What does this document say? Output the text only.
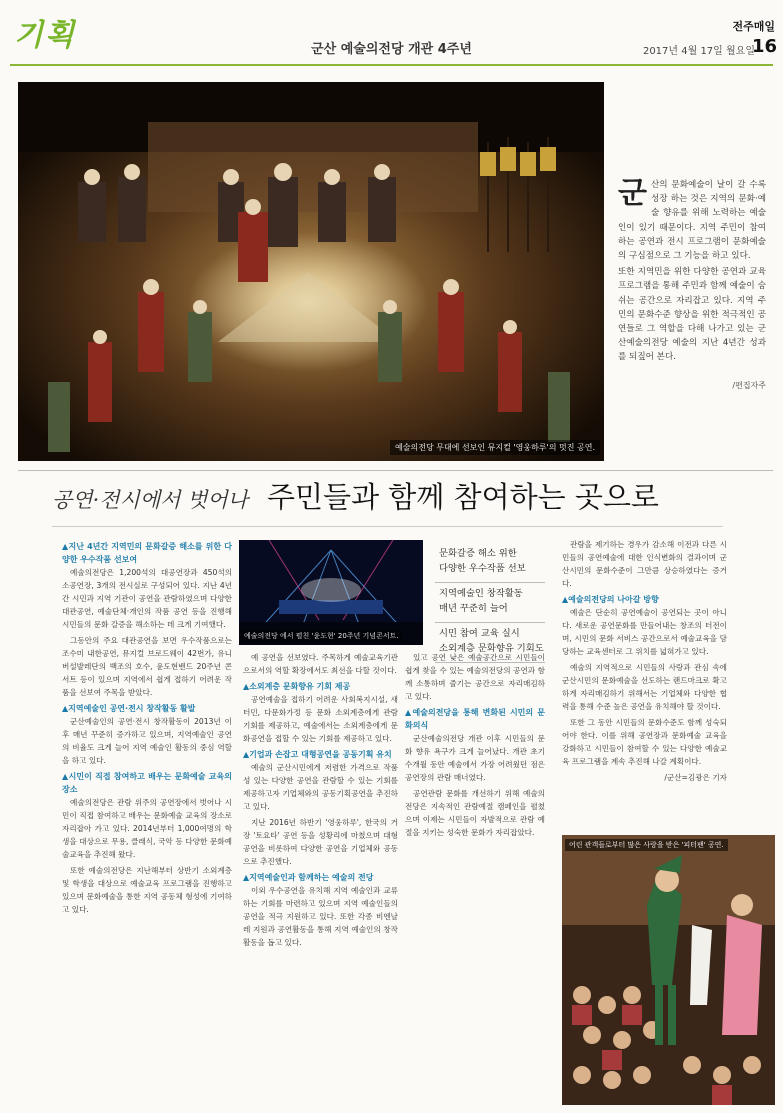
기획	군산 예술의전당 개관 4주년
전주매일
2017년 4월 17일 월요일
16
예술의전당 무대에 선보인 뮤지컬 '영웅하루'의 멋진 공연.
군 산의 문화예술이 날이 갈 수록 성장 하는 것은 지역의 문화·예술 향유를 위해 노력하는 예술인이 있기 때문이다. 지역 주민이 참여하는 공연과 전시 프로그램이 문화예술의 구심점으로 그 기능을 하고 있다.

또한 지역민을 위한 다양한 공연과 교육 프로그램을 통해 주민과 함께 예술이 숨쉬는 공간으로 자리잡고 있다. 지역 주민의 문화수준 향상을 위한 적극적인 공연들로 그 역할을 다해 나가고 있는 군산예술의전당 예술의 지난 4년간 성과를 되짚어 본다.

/편집자주
공연·전시에서 벗어나 주민들과 함께 참여하는 곳으로
▲지난 4년간 지역민의 문화갈증 해소를 위한 다양한 우수작품 선보여

예술의전당은 1,200석의 대공연장과 450석의 소공연장, 3개의 전시실로 구성되어 있다. 지난 4년간 시민과 지역 기관이 공연을 관람하였으며 다양한 대관공연, 예술단체·개인의 작품 공연 등을 진행해 시민들의 문화 갈증을 해소하는 데 크게 기여했다.

그동안의 주요 대관공연을 보면 우수작품으로는 조수미 내한공연, 뮤지컬 브로드웨이 42번가, 유니버설발레단의 백조의 호수, 윤도현밴드 20주년 콘서트 등이 있으며 지역에서 쉽게 접하기 어려운 작품을 선보여 주목을 받았다.

▲지역예술인 공연·전시 창작활동 활발

군산예술인의 공연·전시 창작활동이 2013년 이후 매년 꾸준히 증가하고 있으며, 지역예술인 공연의 비율도 크게 늘어 지역 예술인 활동의 중심 역할을 하고 있다.

▲시민이 직접 참여하고 배우는 문화예술 교육의 장소

예술의전당은 관람 위주의 공연장에서 벗어나 시민이 직접 참여하고 배우는 문화예술 교육의 장소로 자리잡아 가고 있다. 2014년부터 1,000여명의 학생을 대상으로 무용, 클래식, 국악 등 다양한 문화예술교육을 추진해 왔다.

또한 예술의전당은 지난해부터 상반기 소외계층 및 학생을 대상으로 예술교육 프로그램을 진행하고 있으며 문화예술을 통한 지역 공동체 형성에 기여하고 있다.

예술의전당 에서 펼친 '윤도현' 20주년 기념콘서트.
문화갈증 해소 위한
다양한 우수작품 선보
지역예술인 창작활동
매년 꾸준히 늘어
시민 참여 교육 실시
소외계층 문화향유 기회도

예 공연을 선보였다. 주목하게 예술교육기관으로서의 역할 확장에서도 최선을 다할 것이다.

▲소외계층 문화향유 기회 제공

공연예술을 접하기 어려운 사회복지시설, 새터민, 다문화가정 등 문화 소외계층에게 관람 기회를 제공하고, 예술에서는 소외계층에게 문화공연을 접할 수 있는 기회를 제공하고 있다.

▲기업과 손잡고 대형공연을 공동기획 유치

예술의 군산시민에게 저렴한 가격으로 작품성 있는 다양한 공연을 관람할 수 있는 기회를 제공하고자 기업체와의 공동기획공연을 추진하고 있다.

지난 2016년 하반기 '영웅하루', 한국의 거장 '토요타' 공연 등을 성황리에 마쳤으며 대형공연을 비롯하여 다양한 공연을 기업체와 공동으로 추진했다.

▲지역예술인과 함께하는 예술의 전당

이외 우수공연을 유치해 지역 예술인과 교류하는 기회를 마련하고 있으며 지역 예술인들의 공연을 적극 지원하고 있다. 또한 각종 비엔날레 지원과 공연활동을 통해 지역 예술인의 창작 활동을 돕고 있다.

있고 공연 낮은 예술공간으로 시민들이 쉽게 찾을 수 있는 예술의전당의 공연과 함께 소통하며 즐기는 공간으로 자리매김하고 있다.

▲예술의전당을 통해 변화된 시민의 문화의식

군산예술의전당 개관 이후 시민들의 문화 향유 욕구가 크게 늘어났다. 개관 초기 수개월 동안 예술에서 가장 어려웠던 점은 공연장의 관람 매너였다.

공연관람 문화를 개선하기 위해 예술의전당은 지속적인 관람예절 캠페인을 펼쳤으며 이제는 시민들이 자발적으로 관람 예절을 지키는 성숙한 문화가 자리잡았다.

관람을 제기하는 경우가 감소해 이전과 다른 시민들의 공연예술에 대한 인식변화의 결과이며 군산시민의 문화수준이 그만큼 상승하였다는 증거다.

▲예술의전당의 나아갈 방향

예술은 단순히 공연예술이 공연되는 곳이 아니다. 새로운 공연문화를 만들어내는 창조의 터전이며, 시민의 문화 서비스 공간으로서 예술교육을 담당하는 교육센터로 그 위치를 넓혀가고 있다.

예술의 지역적으로 시민들의 사랑과 관심 속에 군산시민의 문화예술을 선도하는 랜드마크로 확고하게 자리매김하기 위해서는 기업체와 다양한 협력을 통해 수준 높은 공연을 유치해야 할 것이다.

또한 그 동안 시민들의 문화수준도 함께 성숙되어야 한다. 이를 위해 공연장과 문화예술 교육을 강화하고 시민들이 참여할 수 있는 다양한 예술교육 프로그램을 계속 추진해 나갈 계획이다.

/군산=김광은 기자
어린 관객들로부터 많은 사랑을 받은 '피터팬' 공연.
